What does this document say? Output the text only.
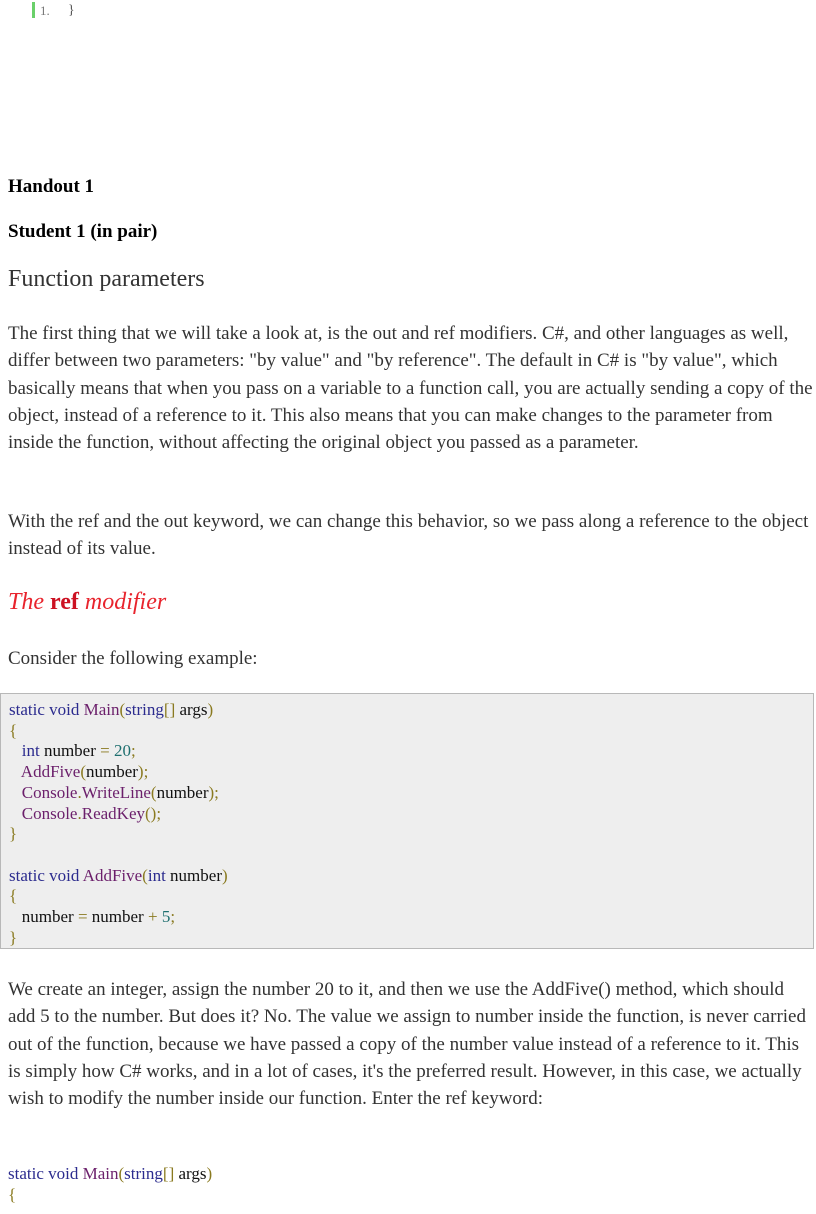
1. }
Handout 1
Student 1 (in pair)
Function parameters
The first thing that we will take a look at, is the out and ref modifiers. C#, and other languages as well, differ between two parameters: "by value" and "by reference". The default in C# is "by value", which basically means that when you pass on a variable to a function call, you are actually sending a copy of the object, instead of a reference to it. This also means that you can make changes to the parameter from inside the function, without affecting the original object you passed as a parameter.
With the ref and the out keyword, we can change this behavior, so we pass along a reference to the object instead of its value.
The ref modifier
Consider the following example:
static void Main(string[] args)
{
int number = 20;
AddFive(number);
Console.WriteLine(number);
Console.ReadKey();
}

static void AddFive(int number)
{
number = number + 5;
}
We create an integer, assign the number 20 to it, and then we use the AddFive() method, which should add 5 to the number. But does it? No. The value we assign to number inside the function, is never carried out of the function, because we have passed a copy of the number value instead of a reference to it. This is simply how C# works, and in a lot of cases, it's the preferred result. However, in this case, we actually wish to modify the number inside our function. Enter the ref keyword:
static void Main(string[] args)
{
